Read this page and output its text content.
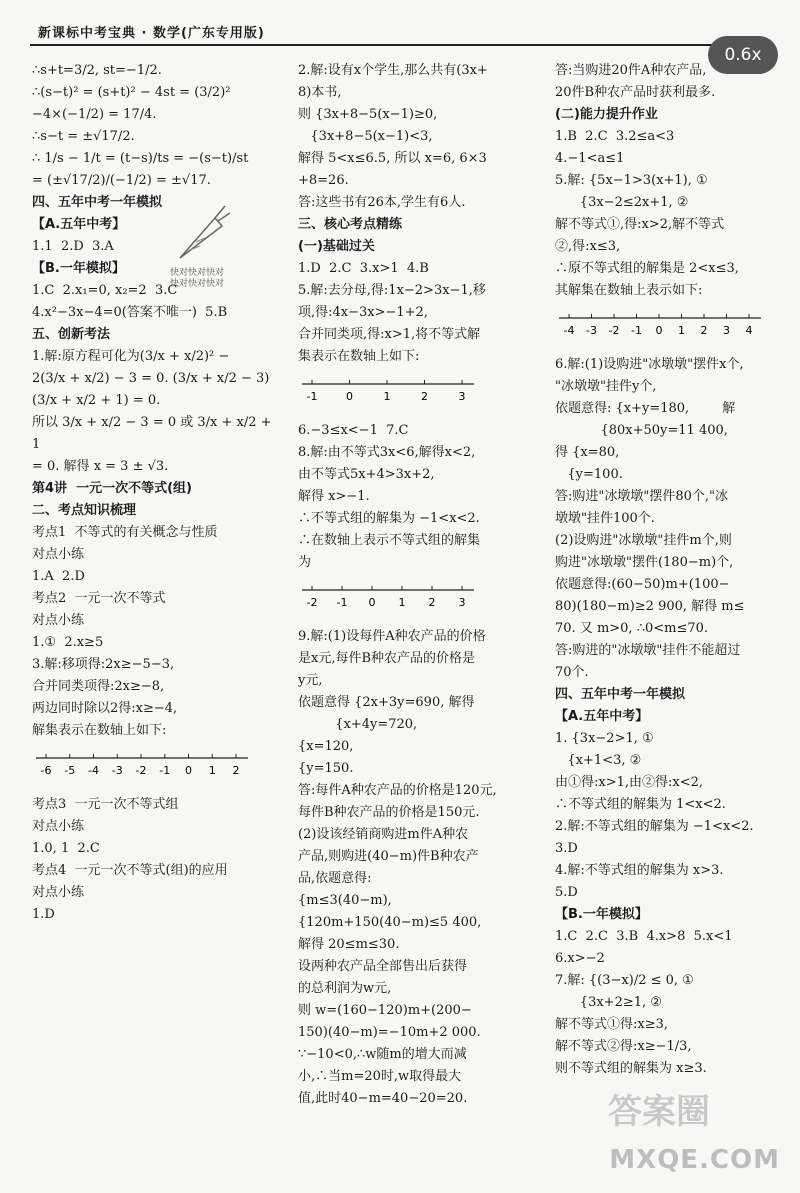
新课标中考宝典 · 数学(广东专用版)
0.6x

∴s+t=3/2, st=−1/2.

∴(s−t)² = (s+t)² − 4st = (3/2)²

−4×(−1/2) = 17/4.

∴s−t = ±√17/2.

∴ 1/s − 1/t = (t−s)/ts = −(s−t)/st

= (±√17/2)/(−1/2) = ±√17.

四、五年中考一年模拟

【A.五年中考】

1.1  2.D  3.A

【B.一年模拟】

1.C  2.x₁=0, x₂=2  3.C

4.x²−3x−4=0(答案不唯一)  5.B

五、创新考法

1.解:原方程可化为(3/x + x/2)² −

2(3/x + x/2) − 3 = 0. (3/x + x/2 − 3)

(3/x + x/2 + 1) = 0.

所以 3/x + x/2 − 3 = 0 或 3/x + x/2 + 1

= 0. 解得 x = 3 ± √3.

第4讲  一元一次不等式(组)

二、考点知识梳理

考点1  不等式的有关概念与性质

对点小练

1.A  2.D

考点2  一元一次不等式

对点小练

1.①  2.x≥5

3.解:移项得:2x≥−5−3,

合并同类项得:2x≥−8,

两边同时除以2得:x≥−4,

解集表示在数轴上如下:

-6 -5 -4 -3 -2 -1 0 1 2

考点3  一元一次不等式组

对点小练

1.0, 1  2.C

考点4  一元一次不等式(组)的应用

对点小练

1.D

2.解:设有x个学生,那么共有(3x+

8)本书,

则 {3x+8−5(x−1)≥0,

{3x+8−5(x−1)<3,

解得 5<x≤6.5, 所以 x=6, 6×3

+8=26.

答:这些书有26本,学生有6人.

三、核心考点精练

(一)基础过关

1.D  2.C  3.x>1  4.B

5.解:去分母,得:1x−2>3x−1,移

项,得:4x−3x>−1+2,

合并同类项,得:x>1,将不等式解

集表示在数轴上如下:

-1	0	1	2	3

6.−3≤x<−1  7.C

8.解:由不等式3x<6,解得x<2,

由不等式5x+4>3x+2,

解得 x>−1.

∴不等式组的解集为 −1<x<2.

∴在数轴上表示不等式组的解集

为

-2 -1 0 1 2 3

9.解:(1)设每件A种农产品的价格

是x元,每件B种农产品的价格是

y元,

依题意得 {2x+3y=690, 解得

{x+4y=720,

{x=120,

{y=150.

答:每件A种农产品的价格是120元,

每件B种农产品的价格是150元.

(2)设该经销商购进m件A种农

产品,则购进(40−m)件B种农产

品,依题意得:

{m≤3(40−m),

{120m+150(40−m)≤5 400,

解得 20≤m≤30.

设两种农产品全部售出后获得

的总利润为w元,

则 w=(160−120)m+(200−

150)(40−m)=−10m+2 000.

∵−10<0,∴w随m的增大而减

小,∴当m=20时,w取得最大

值,此时40−m=40−20=20.

答:当购进20件A种农产品,

20件B种农产品时获利最多.

(二)能力提升作业

1.B  2.C  3.2≤a<3

4.−1<a≤1

5.解: {5x−1>3(x+1), ①

{3x−2≤2x+1, ②

解不等式①,得:x>2,解不等式

②,得:x≤3,

∴原不等式组的解集是 2<x≤3,

其解集在数轴上表示如下:

-4 -3 -2 -1 0 1 2 3 4

6.解:(1)设购进"冰墩墩"摆件x个,

"冰墩墩"挂件y个,

依题意得: {x+y=180,        解

{80x+50y=11 400,

得 {x=80,

{y=100.

答:购进"冰墩墩"摆件80个,"冰

墩墩"挂件100个.

(2)设购进"冰墩墩"挂件m个,则

购进"冰墩墩"摆件(180−m)个,

依题意得:(60−50)m+(100−

80)(180−m)≥2 900, 解得 m≤

70. 又 m>0, ∴0<m≤70.

答:购进的"冰墩墩"挂件不能超过

70个.

四、五年中考一年模拟

【A.五年中考】

1. {3x−2>1, ①

{x+1<3, ②

由①得:x>1,由②得:x<2,

∴不等式组的解集为 1<x<2.

2.解:不等式组的解集为 −1<x<2.

3.D

4.解:不等式组的解集为 x>3.

5.D

【B.一年模拟】

1.C  2.C  3.B  4.x>8  5.x<1

6.x>−2

7.解: {(3−x)/2 ≤ 0, ①

{3x+2≥1, ②

解不等式①得:x≥3,

解不等式②得:x≥−1/3,

则不等式组的解集为 x≥3.

快对快对快对
快对快对快对
答案圈
MXQE.COM
